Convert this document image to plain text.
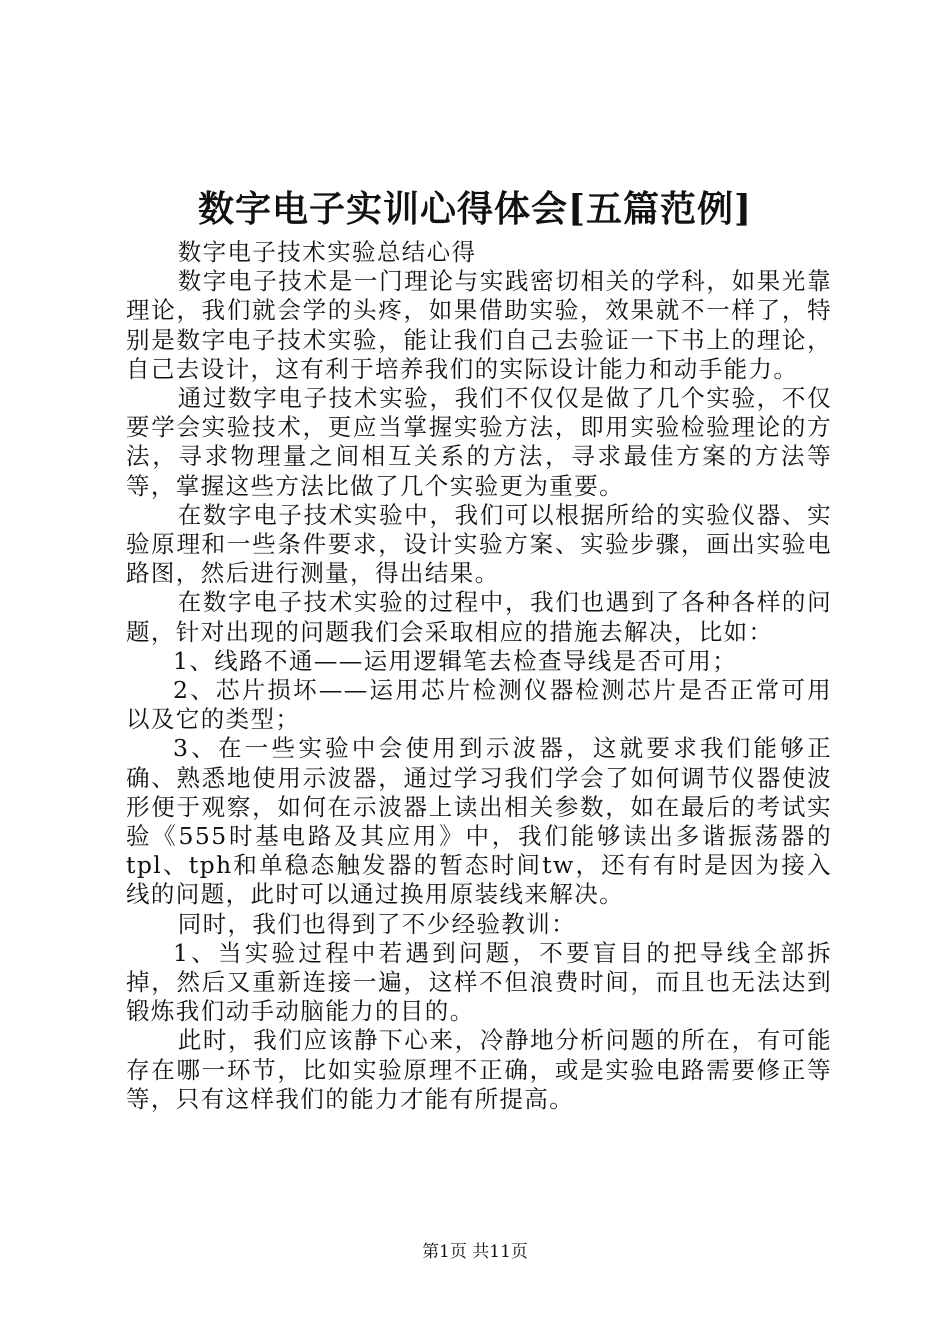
数字电子实训心得体会[五篇范例]

数字电子技术实验总结心得

数字电子技术是一门理论与实践密切相关的学科，如果光靠理论，我们就会学的头疼，如果借助实验，效果就不一样了，特别是数字电子技术实验，能让我们自己去验证一下书上的理论，自己去设计，这有利于培养我们的实际设计能力和动手能力。

通过数字电子技术实验，我们不仅仅是做了几个实验，不仅要学会实验技术，更应当掌握实验方法，即用实验检验理论的方法，寻求物理量之间相互关系的方法，寻求最佳方案的方法等等，掌握这些方法比做了几个实验更为重要。

在数字电子技术实验中，我们可以根据所给的实验仪器、实验原理和一些条件要求，设计实验方案、实验步骤，画出实验电路图，然后进行测量，得出结果。

在数字电子技术实验的过程中，我们也遇到了各种各样的问题，针对出现的问题我们会采取相应的措施去解决，比如：

1、线路不通——运用逻辑笔去检查导线是否可用；

2、芯片损坏——运用芯片检测仪器检测芯片是否正常可用以及它的类型；

3、在一些实验中会使用到示波器，这就要求我们能够正确、熟悉地使用示波器，通过学习我们学会了如何调节仪器使波形便于观察，如何在示波器上读出相关参数，如在最后的考试实验《555时基电路及其应用》中，我们能够读出多谐振荡器的tpl、tph和单稳态触发器的暂态时间tw，还有有时是因为接入线的问题，此时可以通过换用原装线来解决。

同时，我们也得到了不少经验教训：

1、当实验过程中若遇到问题，不要盲目的把导线全部拆掉，然后又重新连接一遍，这样不但浪费时间，而且也无法达到锻炼我们动手动脑能力的目的。

此时，我们应该静下心来，冷静地分析问题的所在，有可能存在哪一环节，比如实验原理不正确，或是实验电路需要修正等等，只有这样我们的能力才能有所提高。

第1页 共11页
